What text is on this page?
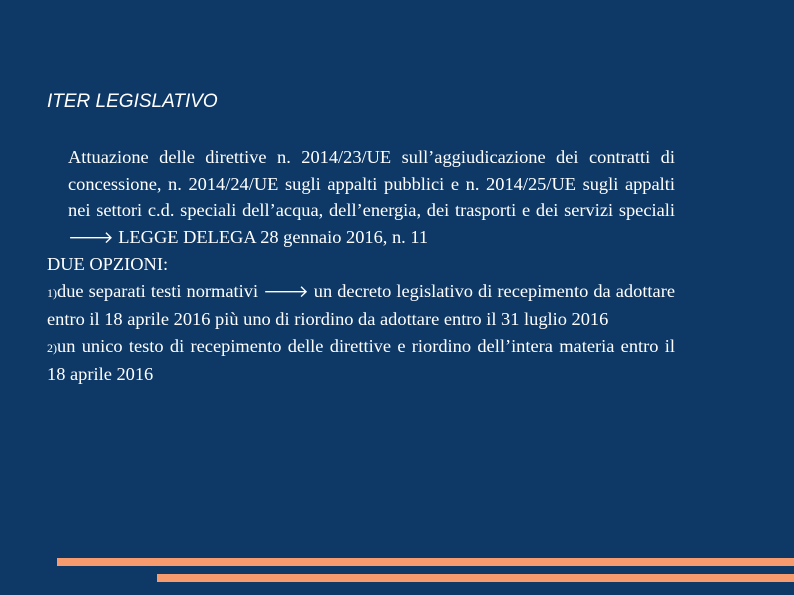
ITER LEGISLATIVO

Attuazione delle direttive n. 2014/23/UE sull’aggiudicazione dei contratti di concessione, n. 2014/24/UE sugli appalti pubblici e n. 2014/25/UE sugli appalti nei settori c.d. speciali dell’acqua, dell’energia, dei trasporti e dei servizi speciali 🡒 LEGGE DELEGA 28 gennaio 2016, n. 11

DUE OPZIONI:

1)due separati testi normativi 🡒 un decreto legislativo di recepimento da adottare entro il 18 aprile 2016 più uno di riordino da adottare entro il 31 luglio 2016

2)un unico testo di recepimento delle direttive e riordino dell’intera materia entro il 18 aprile 2016
